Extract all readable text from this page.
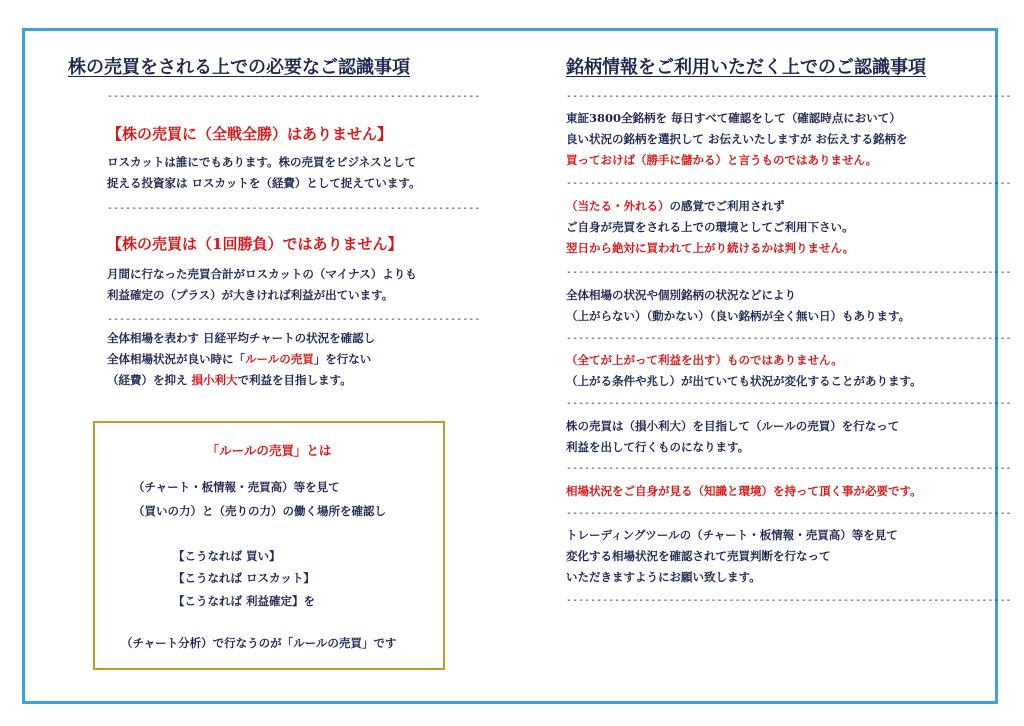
株の売買をされる上での必要なご認識事項
--------------------------------------------------------------
【株の売買に（全戦全勝）はありません】
ロスカットは誰にでもあります。株の売買をビジネスとして
捉える投資家は ロスカットを（経費）として捉えています。
--------------------------------------------------------------
【株の売買は（1回勝負）ではありません】
月間に行なった売買合計がロスカットの（マイナス）よりも
利益確定の（プラス）が大きければ利益が出ています。
--------------------------------------------------------------
全体相場を表わす 日経平均チャートの状況を確認し
全体相場状況が良い時に「ルールの売買」を行ない
（経費）を抑え 損小利大で利益を目指します。
「ルールの売買」とは
（チャート・板情報・売買高）等を見て
（買いの力）と（売りの力）の働く場所を確認し
【こうなれば 買い】
【こうなれば ロスカット】
【こうなれば 利益確定】を
（チャート分析）で行なうのが「ルールの売買」です
銘柄情報をご利用いただく上でのご認識事項
--------------------------------------------------------------------------
東証3800全銘柄を 毎日すべて確認をして（確認時点において）
良い状況の銘柄を選択して お伝えいたしますが お伝えする銘柄を
買っておけば（勝手に儲かる）と言うものではありません。
--------------------------------------------------------------------------
（当たる・外れる）の感覚でご利用されず
ご自身が売買をされる上での環境としてご利用下さい。
翌日から絶対に買われて上がり続けるかは判りません。
--------------------------------------------------------------------------
全体相場の状況や個別銘柄の状況などにより
（上がらない）（動かない）（良い銘柄が全く無い日）もあります。
--------------------------------------------------------------------------
（全てが上がって利益を出す）ものではありません。
（上がる条件や兆し）が出ていても状況が変化することがあります。
--------------------------------------------------------------------------
株の売買は（損小利大）を目指して（ルールの売買）を行なって
利益を出して行くものになります。
--------------------------------------------------------------------------
相場状況をご自身が見る（知識と環境）を持って頂く事が必要です。
--------------------------------------------------------------------------
トレーディングツールの（チャート・板情報・売買高）等を見て
変化する相場状況を確認されて売買判断を行なって
いただきますようにお願い致します。
--------------------------------------------------------------------------
